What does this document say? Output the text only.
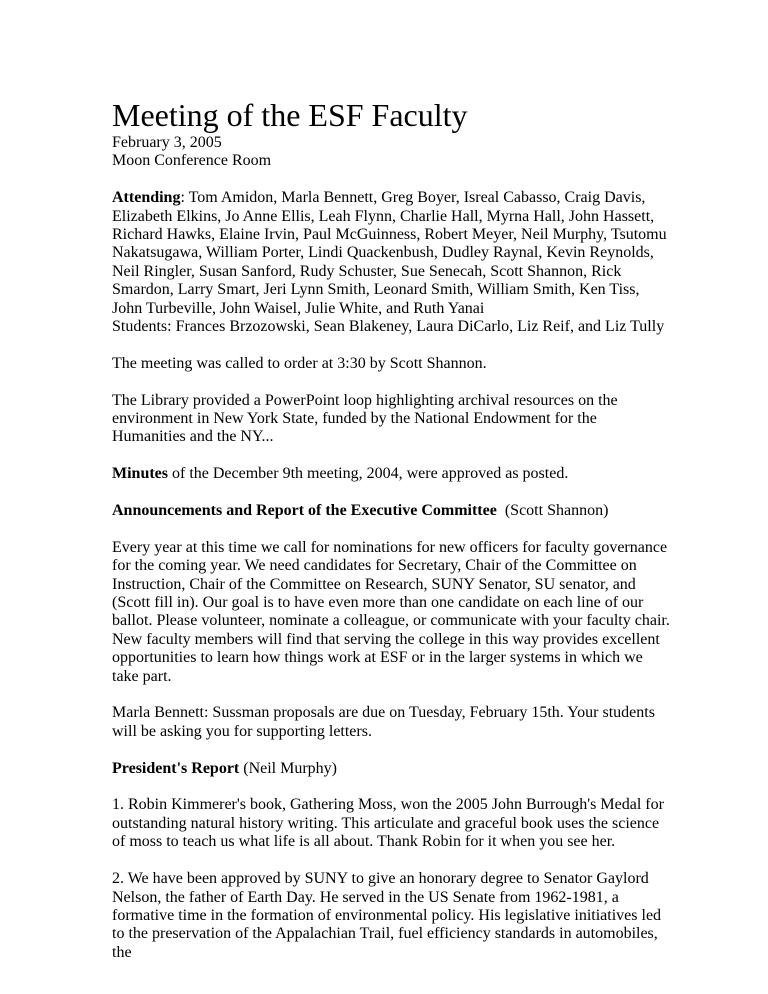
Meeting of the ESF Faculty

February 3, 2005

Moon Conference Room

Attending: Tom Amidon, Marla Bennett, Greg Boyer, Isreal Cabasso, Craig Davis, Elizabeth Elkins, Jo Anne Ellis, Leah Flynn, Charlie Hall, Myrna Hall, John Hassett, Richard Hawks, Elaine Irvin, Paul McGuinness, Robert Meyer, Neil Murphy, Tsutomu Nakatsugawa, William Porter, Lindi Quackenbush, Dudley Raynal, Kevin Reynolds, Neil Ringler, Susan Sanford, Rudy Schuster, Sue Senecah, Scott Shannon, Rick Smardon, Larry Smart, Jeri Lynn Smith, Leonard Smith, William Smith, Ken Tiss, John Turbeville, John Waisel, Julie White, and Ruth Yanai

Students: Frances Brzozowski, Sean Blakeney, Laura DiCarlo, Liz Reif, and Liz Tully

The meeting was called to order at 3:30 by Scott Shannon.

The Library provided a PowerPoint loop highlighting archival resources on the environment in New York State, funded by the National Endowment for the Humanities and the NY...

Minutes of the December 9th meeting, 2004, were approved as posted.

Announcements and Report of the Executive Committee  (Scott Shannon)

Every year at this time we call for nominations for new officers for faculty governance for the coming year. We need candidates for Secretary, Chair of the Committee on Instruction, Chair of the Committee on Research, SUNY Senator, SU senator, and (Scott fill in). Our goal is to have even more than one candidate on each line of our ballot. Please volunteer, nominate a colleague, or communicate with your faculty chair. New faculty members will find that serving the college in this way provides excellent opportunities to learn how things work at ESF or in the larger systems in which we take part.

Marla Bennett: Sussman proposals are due on Tuesday, February 15th. Your students will be asking you for supporting letters.

President's Report (Neil Murphy)

1. Robin Kimmerer's book, Gathering Moss, won the 2005 John Burrough's Medal for outstanding natural history writing. This articulate and graceful book uses the science of moss to teach us what life is all about. Thank Robin for it when you see her.

2. We have been approved by SUNY to give an honorary degree to Senator Gaylord Nelson, the father of Earth Day. He served in the US Senate from 1962-1981, a formative time in the formation of environmental policy. His legislative initiatives led to the preservation of the Appalachian Trail, fuel efficiency standards in automobiles, the
